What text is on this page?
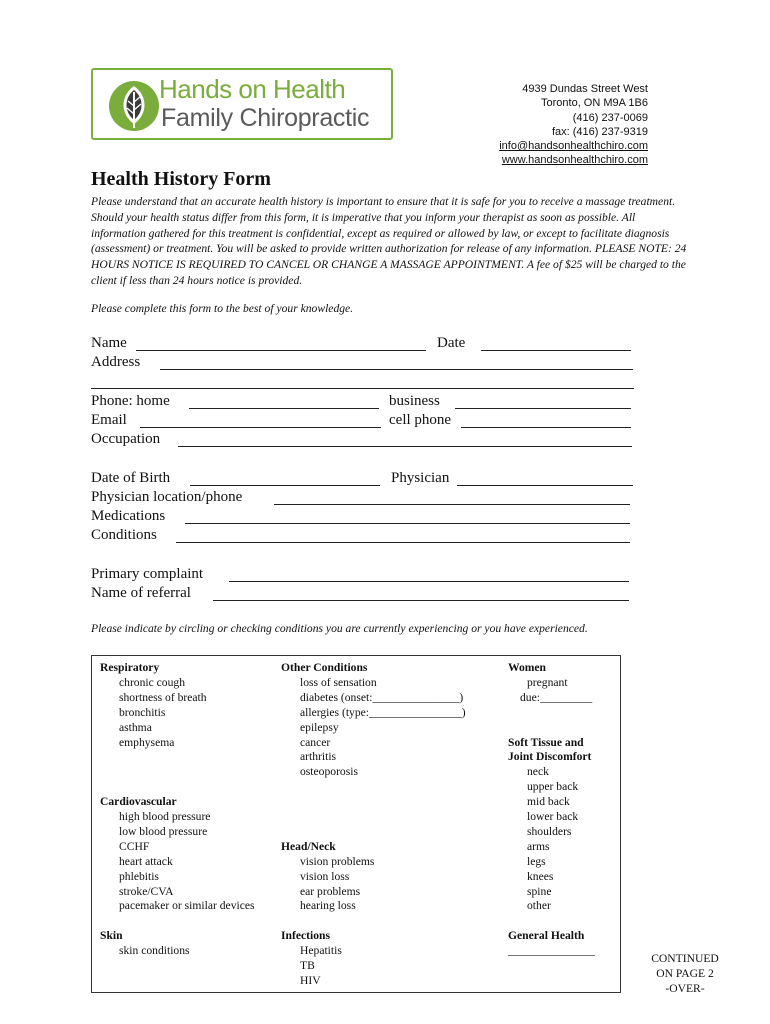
Hands on Health
Family Chiropractic
4939 Dundas Street West
Toronto, ON M9A 1B6
(416) 237-0069
fax: (416) 237-9319
info@handsonhealthchiro.com
www.handsonhealthchiro.com
Health History Form
Please understand that an accurate health history is important to ensure that it is safe for you to receive a massage treatment. Should your health status differ from this form, it is imperative that you inform your therapist as soon as possible. All information gathered for this treatment is confidential, except as required or allowed by law, or except to facilitate diagnosis (assessment) or treatment. You will be asked to provide written authorization for release of any information. PLEASE NOTE: 24 HOURS NOTICE IS REQUIRED TO CANCEL OR CHANGE A MASSAGE APPOINTMENT. A fee of $25 will be charged to the client if less than 24 hours notice is provided.
Please complete this form to the best of your knowledge.
Name	Date
Address
Phone: home	business
Email	cell phone
Occupation
Date of Birth	Physician
Physician location/phone
Medications
Conditions
Primary complaint
Name of referral
Please indicate by circling or checking conditions you are currently experiencing or you have experienced.
Respiratory
chronic cough
shortness of breath
bronchitis
asthma
emphysema
Cardiovascular
high blood pressure
low blood pressure
CCHF
heart attack
phlebitis
stroke/CVA
pacemaker or similar devices
Skin
skin conditions
Other Conditions
loss of sensation
diabetes (onset:_______________)
allergies (type:________________)
epilepsy
cancer
arthritis
osteoporosis
Head/Neck
vision problems
vision loss
ear problems
hearing loss
Infections
Hepatitis
TB
HIV
Women
pregnant
due:_________
Soft Tissue and
Joint Discomfort
neck
upper back
mid back
lower back
shoulders
arms
legs
knees
spine
other
General Health
_______________
CONTINUED
ON PAGE 2
-OVER-
